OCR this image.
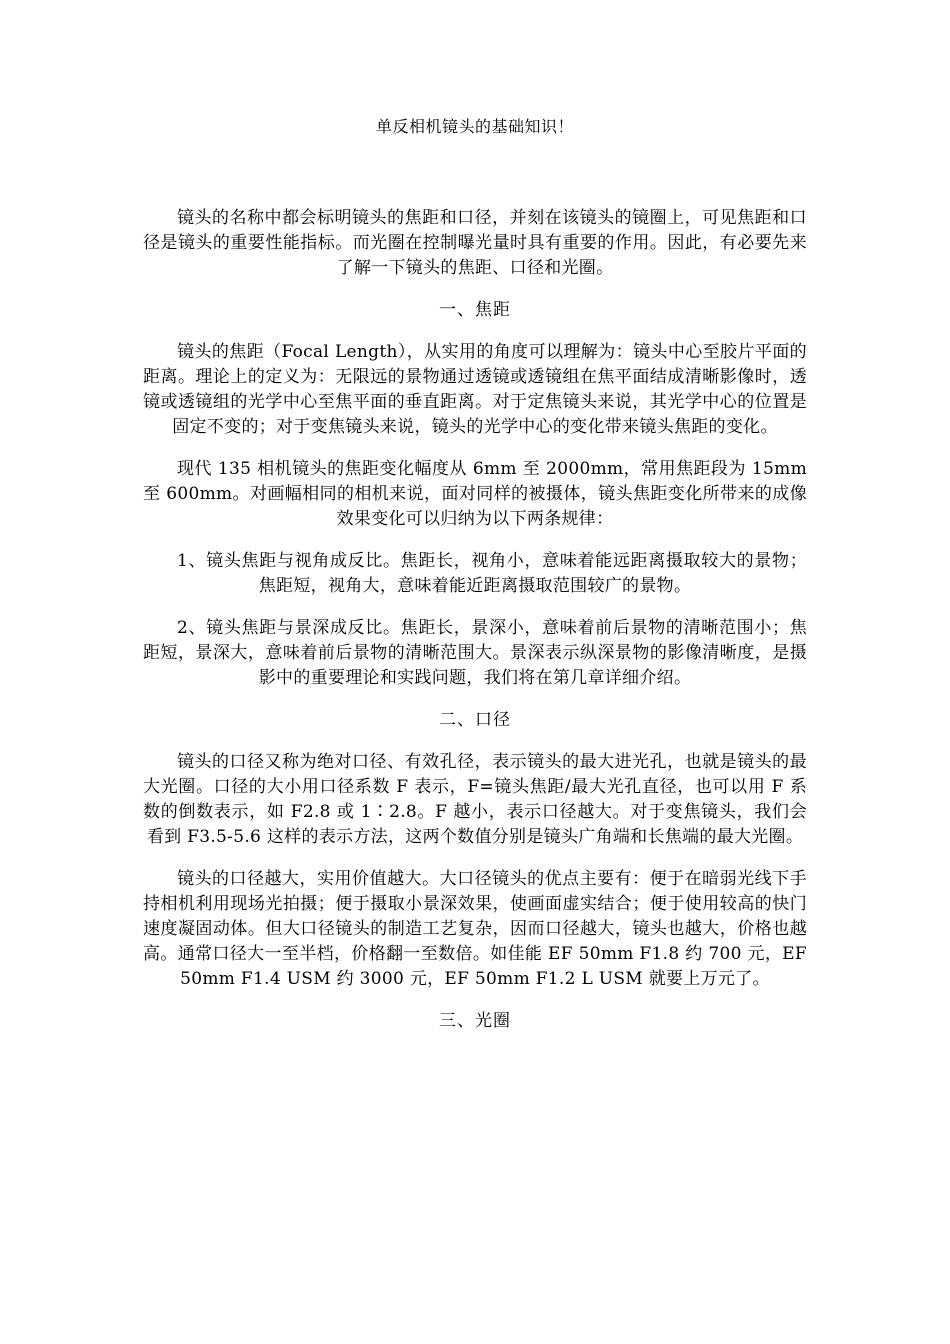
单反相机镜头的基础知识！

镜头的名称中都会标明镜头的焦距和口径，并刻在该镜头的镜圈上，可见焦距和口径是镜头的重要性能指标。而光圈在控制曝光量时具有重要的作用。因此，有必要先来了解一下镜头的焦距、口径和光圈。

一、焦距

镜头的焦距（Focal Length），从实用的角度可以理解为：镜头中心至胶片平面的距离。理论上的定义为：无限远的景物通过透镜或透镜组在焦平面结成清晰影像时，透镜或透镜组的光学中心至焦平面的垂直距离。对于定焦镜头来说，其光学中心的位置是固定不变的；对于变焦镜头来说，镜头的光学中心的变化带来镜头焦距的变化。

现代 135 相机镜头的焦距变化幅度从 6mm 至 2000mm，常用焦距段为 15mm 至 600mm。对画幅相同的相机来说，面对同样的被摄体，镜头焦距变化所带来的成像效果变化可以归纳为以下两条规律：

1、镜头焦距与视角成反比。焦距长，视角小，意味着能远距离摄取较大的景物；焦距短，视角大，意味着能近距离摄取范围较广的景物。

2、镜头焦距与景深成反比。焦距长，景深小，意味着前后景物的清晰范围小；焦距短，景深大，意味着前后景物的清晰范围大。景深表示纵深景物的影像清晰度，是摄影中的重要理论和实践问题，我们将在第几章详细介绍。

二、口径

镜头的口径又称为绝对口径、有效孔径，表示镜头的最大进光孔，也就是镜头的最大光圈。口径的大小用口径系数 F 表示，F=镜头焦距/最大光孔直径，也可以用 F 系数的倒数表示，如 F2.8 或 1∶2.8。F 越小，表示口径越大。对于变焦镜头，我们会看到 F3.5-5.6 这样的表示方法，这两个数值分别是镜头广角端和长焦端的最大光圈。

镜头的口径越大，实用价值越大。大口径镜头的优点主要有：便于在暗弱光线下手持相机利用现场光拍摄；便于摄取小景深效果，使画面虚实结合；便于使用较高的快门速度凝固动体。但大口径镜头的制造工艺复杂，因而口径越大，镜头也越大，价格也越高。通常口径大一至半档，价格翻一至数倍。如佳能 EF 50mm F1.8 约 700 元，EF 50mm F1.4 USM 约 3000 元，EF 50mm F1.2 L USM 就要上万元了。

三、光圈
